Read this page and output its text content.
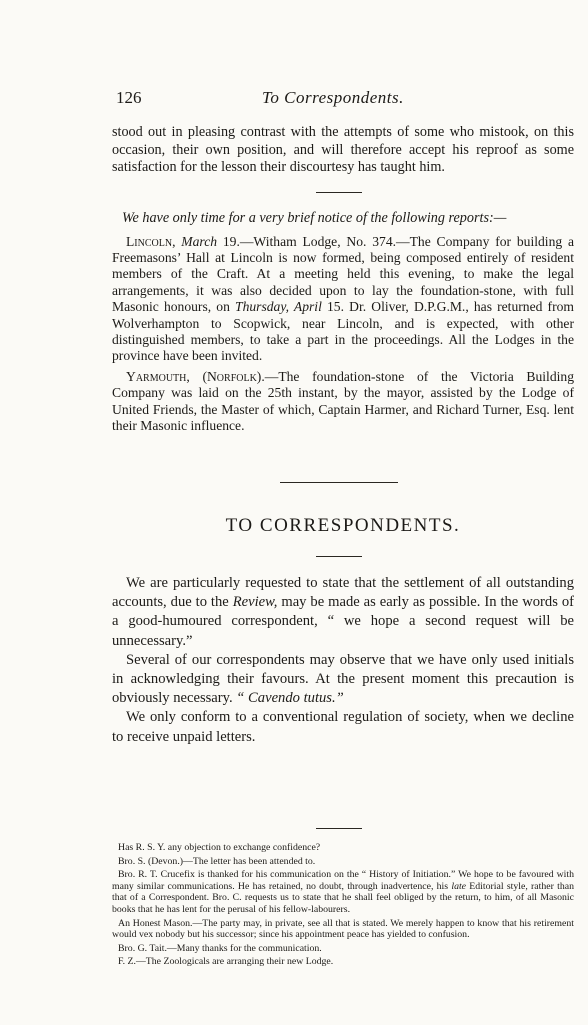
126	To Correspondents.

stood out in pleasing contrast with the attempts of some who mistook, on this occasion, their own position, and will therefore accept his reproof as some satisfaction for the lesson their discourtesy has taught him.

We have only time for a very brief notice of the following reports:—

Lincoln, March 19.—Witham Lodge, No. 374.—The Company for building a Freemasons’ Hall at Lincoln is now formed, being composed entirely of resident members of the Craft. At a meeting held this evening, to make the legal arrangements, it was also decided upon to lay the foundation-stone, with full Masonic honours, on Thursday, April 15. Dr. Oliver, D.P.G.M., has returned from Wolverhampton to Scopwick, near Lincoln, and is expected, with other distinguished members, to take a part in the proceedings. All the Lodges in the province have been invited.

Yarmouth, (Norfolk).—The foundation-stone of the Victoria Building Company was laid on the 25th instant, by the mayor, assisted by the Lodge of United Friends, the Master of which, Captain Harmer, and Richard Turner, Esq. lent their Masonic influence.

TO CORRESPONDENTS.

We are particularly requested to state that the settlement of all outstanding accounts, due to the Review, may be made as early as possible. In the words of a good-humoured correspondent, “ we hope a second request will be unnecessary.”

Several of our correspondents may observe that we have only used initials in acknowledging their favours. At the present moment this precaution is obviously necessary. “ Cavendo tutus.”

We only conform to a conventional regulation of society, when we decline to receive unpaid letters.

Has R. S. Y. any objection to exchange confidence?

Bro. S. (Devon.)—The letter has been attended to.

Bro. R. T. Crucefix is thanked for his communication on the “ History of Initiation.” We hope to be favoured with many similar communications. He has retained, no doubt, through inadvertence, his late Editorial style, rather than that of a Correspondent. Bro. C. requests us to state that he shall feel obliged by the return, to him, of all Masonic books that he has lent for the perusal of his fellow-labourers.

An Honest Mason.—The party may, in private, see all that is stated. We merely happen to know that his retirement would vex nobody but his successor; since his appointment peace has yielded to confusion.

Bro. G. Tait.—Many thanks for the communication.

F. Z.—The Zoologicals are arranging their new Lodge.
